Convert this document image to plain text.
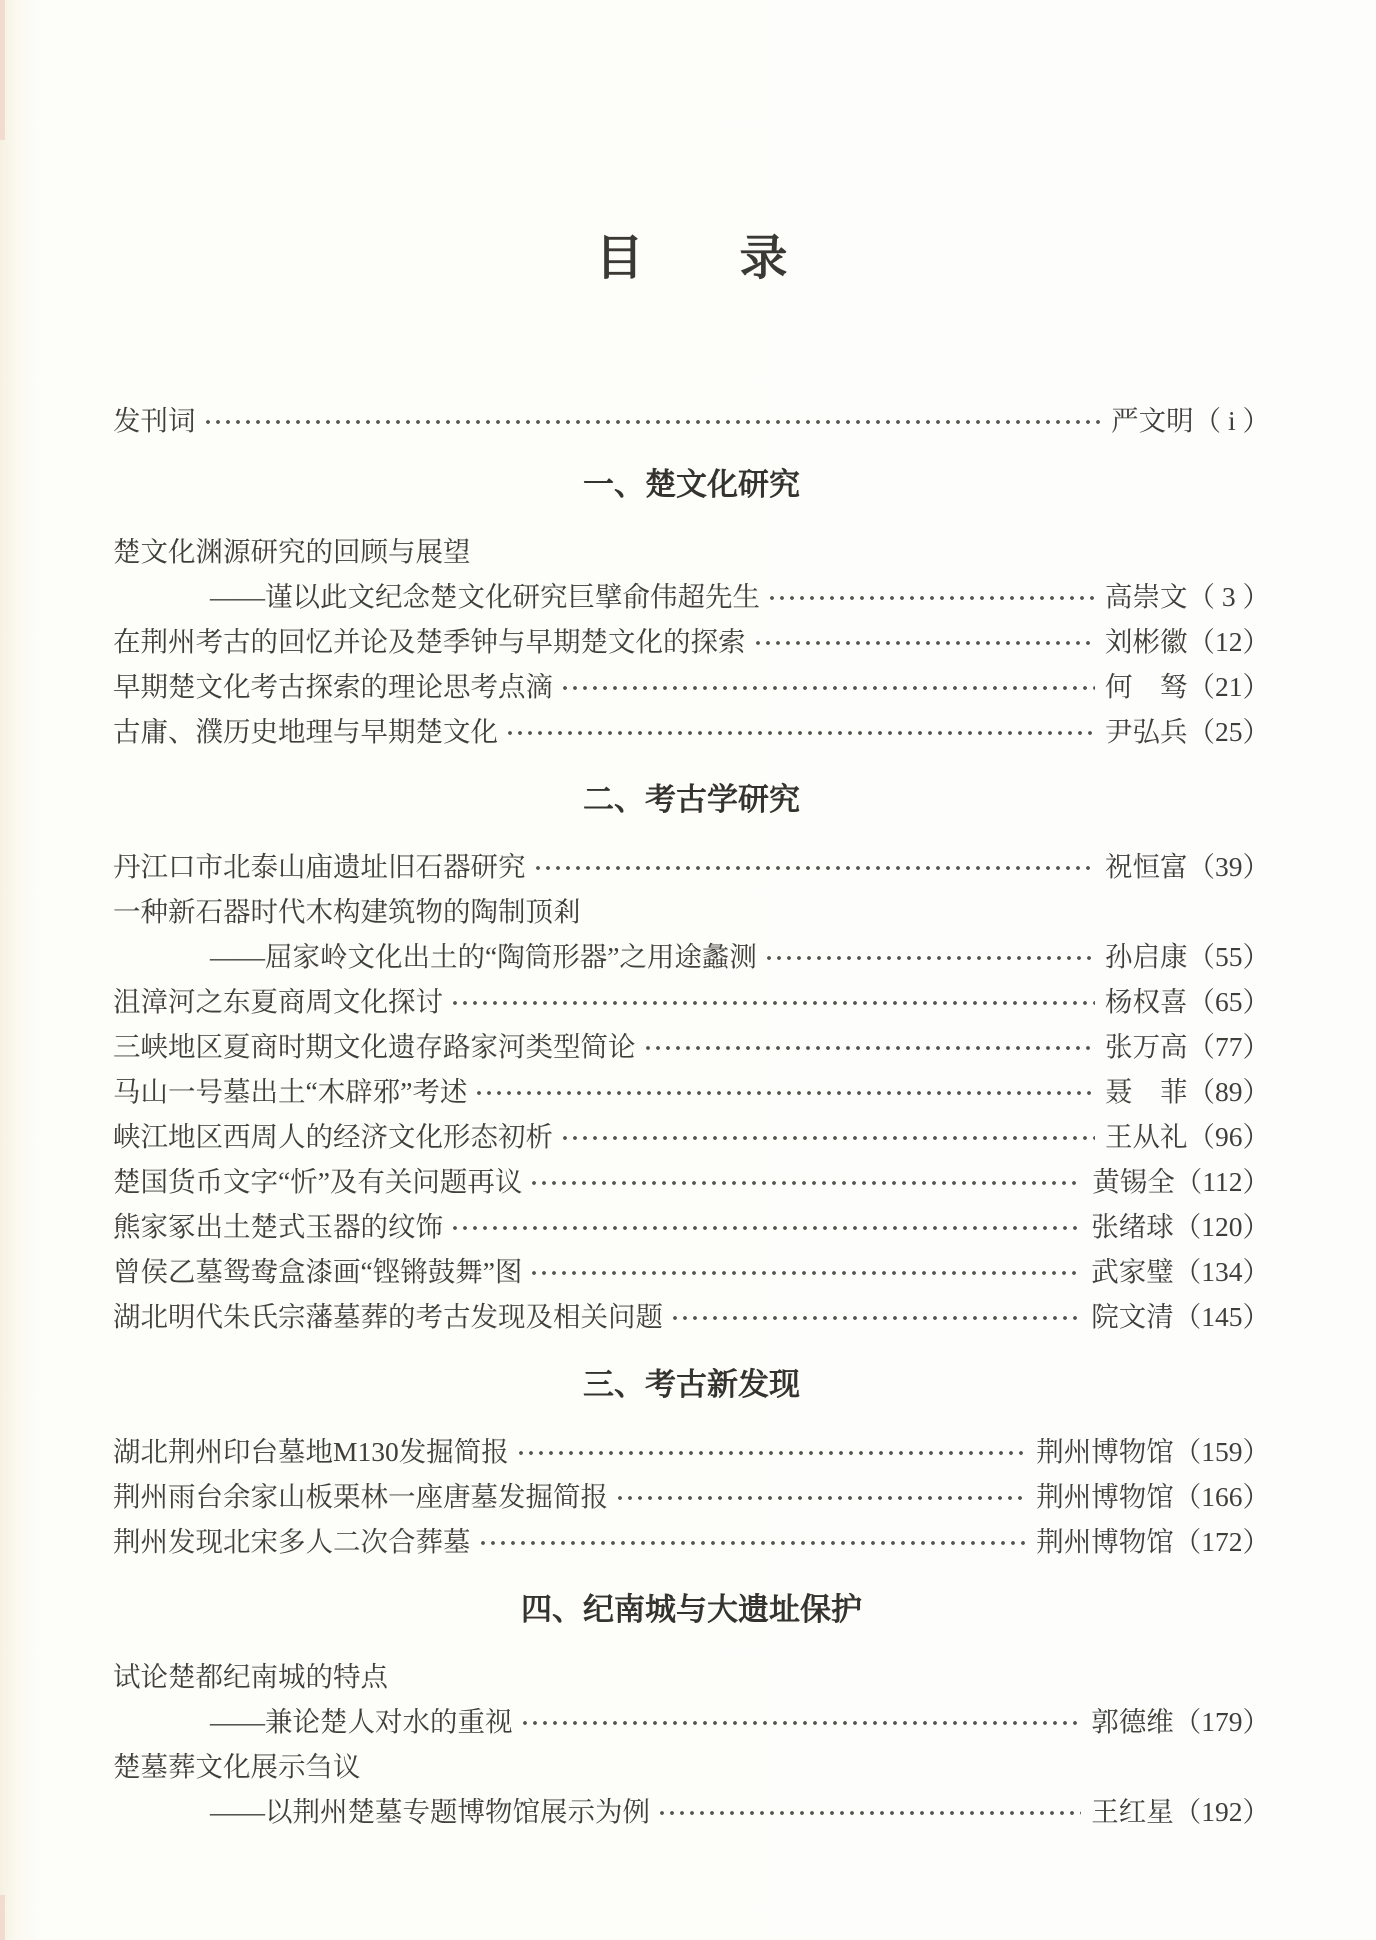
目　　录
发刊词	严文明（ i ）
一、楚文化研究
楚文化渊源研究的回顾与展望
——谨以此文纪念楚文化研究巨擘俞伟超先生	高崇文（ 3 ）
在荆州考古的回忆并论及楚季钟与早期楚文化的探索	刘彬徽（12）
早期楚文化考古探索的理论思考点滴	何　驽（21）
古庸、濮历史地理与早期楚文化	尹弘兵（25）
二、考古学研究
丹江口市北泰山庙遗址旧石器研究	祝恒富（39）
一种新石器时代木构建筑物的陶制顶剎
——屈家岭文化出土的“陶筒形器”之用途蠡测	孙启康（55）
沮漳河之东夏商周文化探讨	杨权喜（65）
三峡地区夏商时期文化遗存路家河类型简论	张万高（77）
马山一号墓出土“木辟邪”考述	聂　菲（89）
峡江地区西周人的经济文化形态初析	王从礼（96）
楚国货币文字“忻”及有关问题再议	黄锡全（112）
熊家冢出土楚式玉器的纹饰	张绪球（120）
曾侯乙墓鸳鸯盒漆画“铿锵鼓舞”图	武家璧（134）
湖北明代朱氏宗藩墓葬的考古发现及相关问题	院文清（145）
三、考古新发现
湖北荆州印台墓地M130发掘简报	荆州博物馆（159）
荆州雨台余家山板栗林一座唐墓发掘简报	荆州博物馆（166）
荆州发现北宋多人二次合葬墓	荆州博物馆（172）
四、纪南城与大遗址保护
试论楚都纪南城的特点
——兼论楚人对水的重视	郭德维（179）
楚墓葬文化展示刍议
——以荆州楚墓专题博物馆展示为例	王红星（192）
